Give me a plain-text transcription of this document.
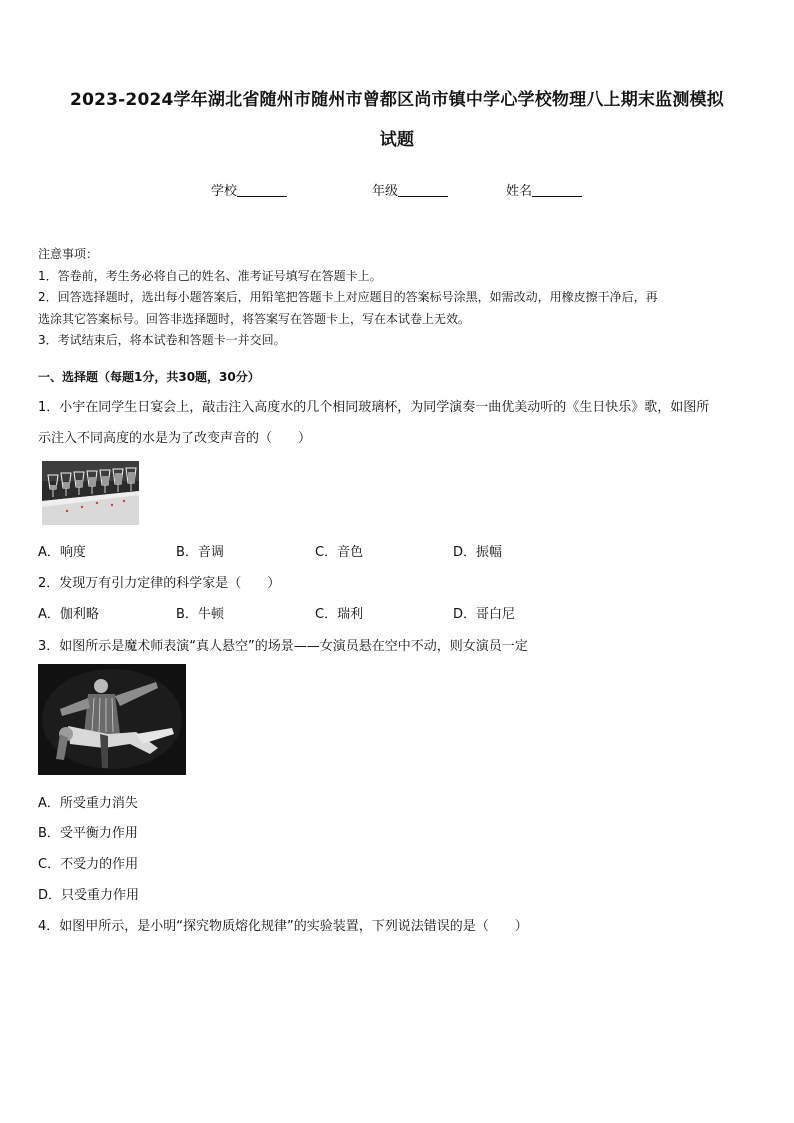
2023-2024学年湖北省随州市随州市曾都区尚市镇中学心学校物理八上期末监测模拟
试题
学校	年级	姓名
注意事项：
1．答卷前，考生务必将自己的姓名、准考证号填写在答题卡上。
2．回答选择题时，选出每小题答案后，用铅笔把答题卡上对应题目的答案标号涂黑，如需改动，用橡皮擦干净后，再
选涂其它答案标号。回答非选择题时，将答案写在答题卡上，写在本试卷上无效。
3．考试结束后，将本试卷和答题卡一并交回。
一、选择题（每题1分，共30题，30分）
1．小宇在同学生日宴会上，敲击注入高度水的几个相同玻璃杯，为同学演奏一曲优美动听的《生日快乐》歌，如图所
示注入不同高度的水是为了改变声音的（　　）
A．响度	B．音调	C．音色	D．振幅
2．发现万有引力定律的科学家是（　　）
A．伽利略	B．牛顿	C．瑞利	D．哥白尼
3．如图所示是魔术师表演“真人悬空”的场景——女演员悬在空中不动，则女演员一定
A．所受重力消失
B．受平衡力作用
C．不受力的作用
D．只受重力作用
4．如图甲所示，是小明“探究物质熔化规律”的实验装置，下列说法错误的是（　　）
